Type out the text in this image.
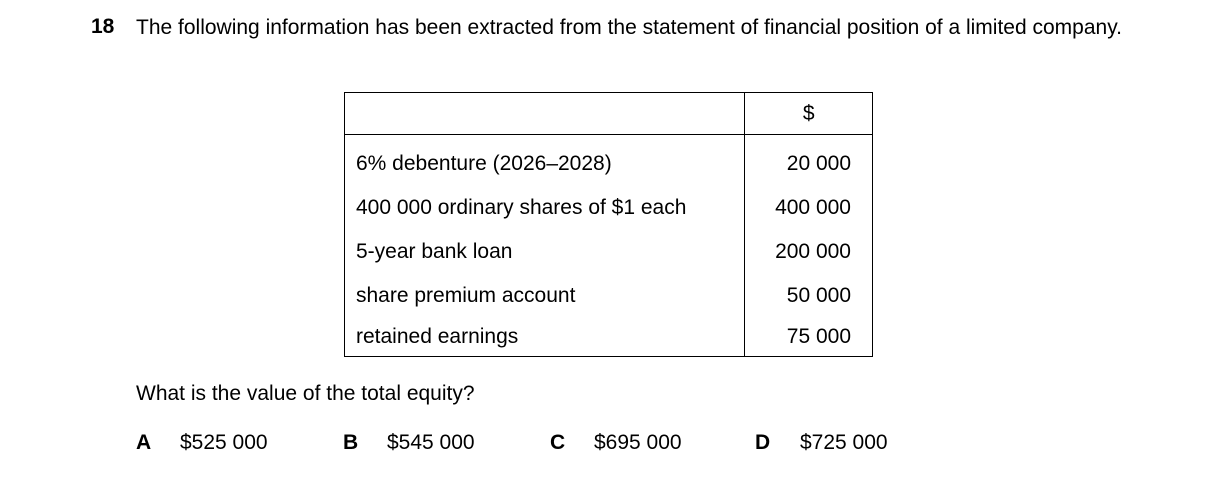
18 The following information has been extracted from the statement of financial position of a limited company.
	$
6% debenture (2026–2028)	20 000
400 000 ordinary shares of $1 each	400 000
5-year bank loan	200 000
share premium account	50 000
retained earnings	75 000
What is the value of the total equity?
A $525 000	B $545 000	C $695 000	D $725 000
